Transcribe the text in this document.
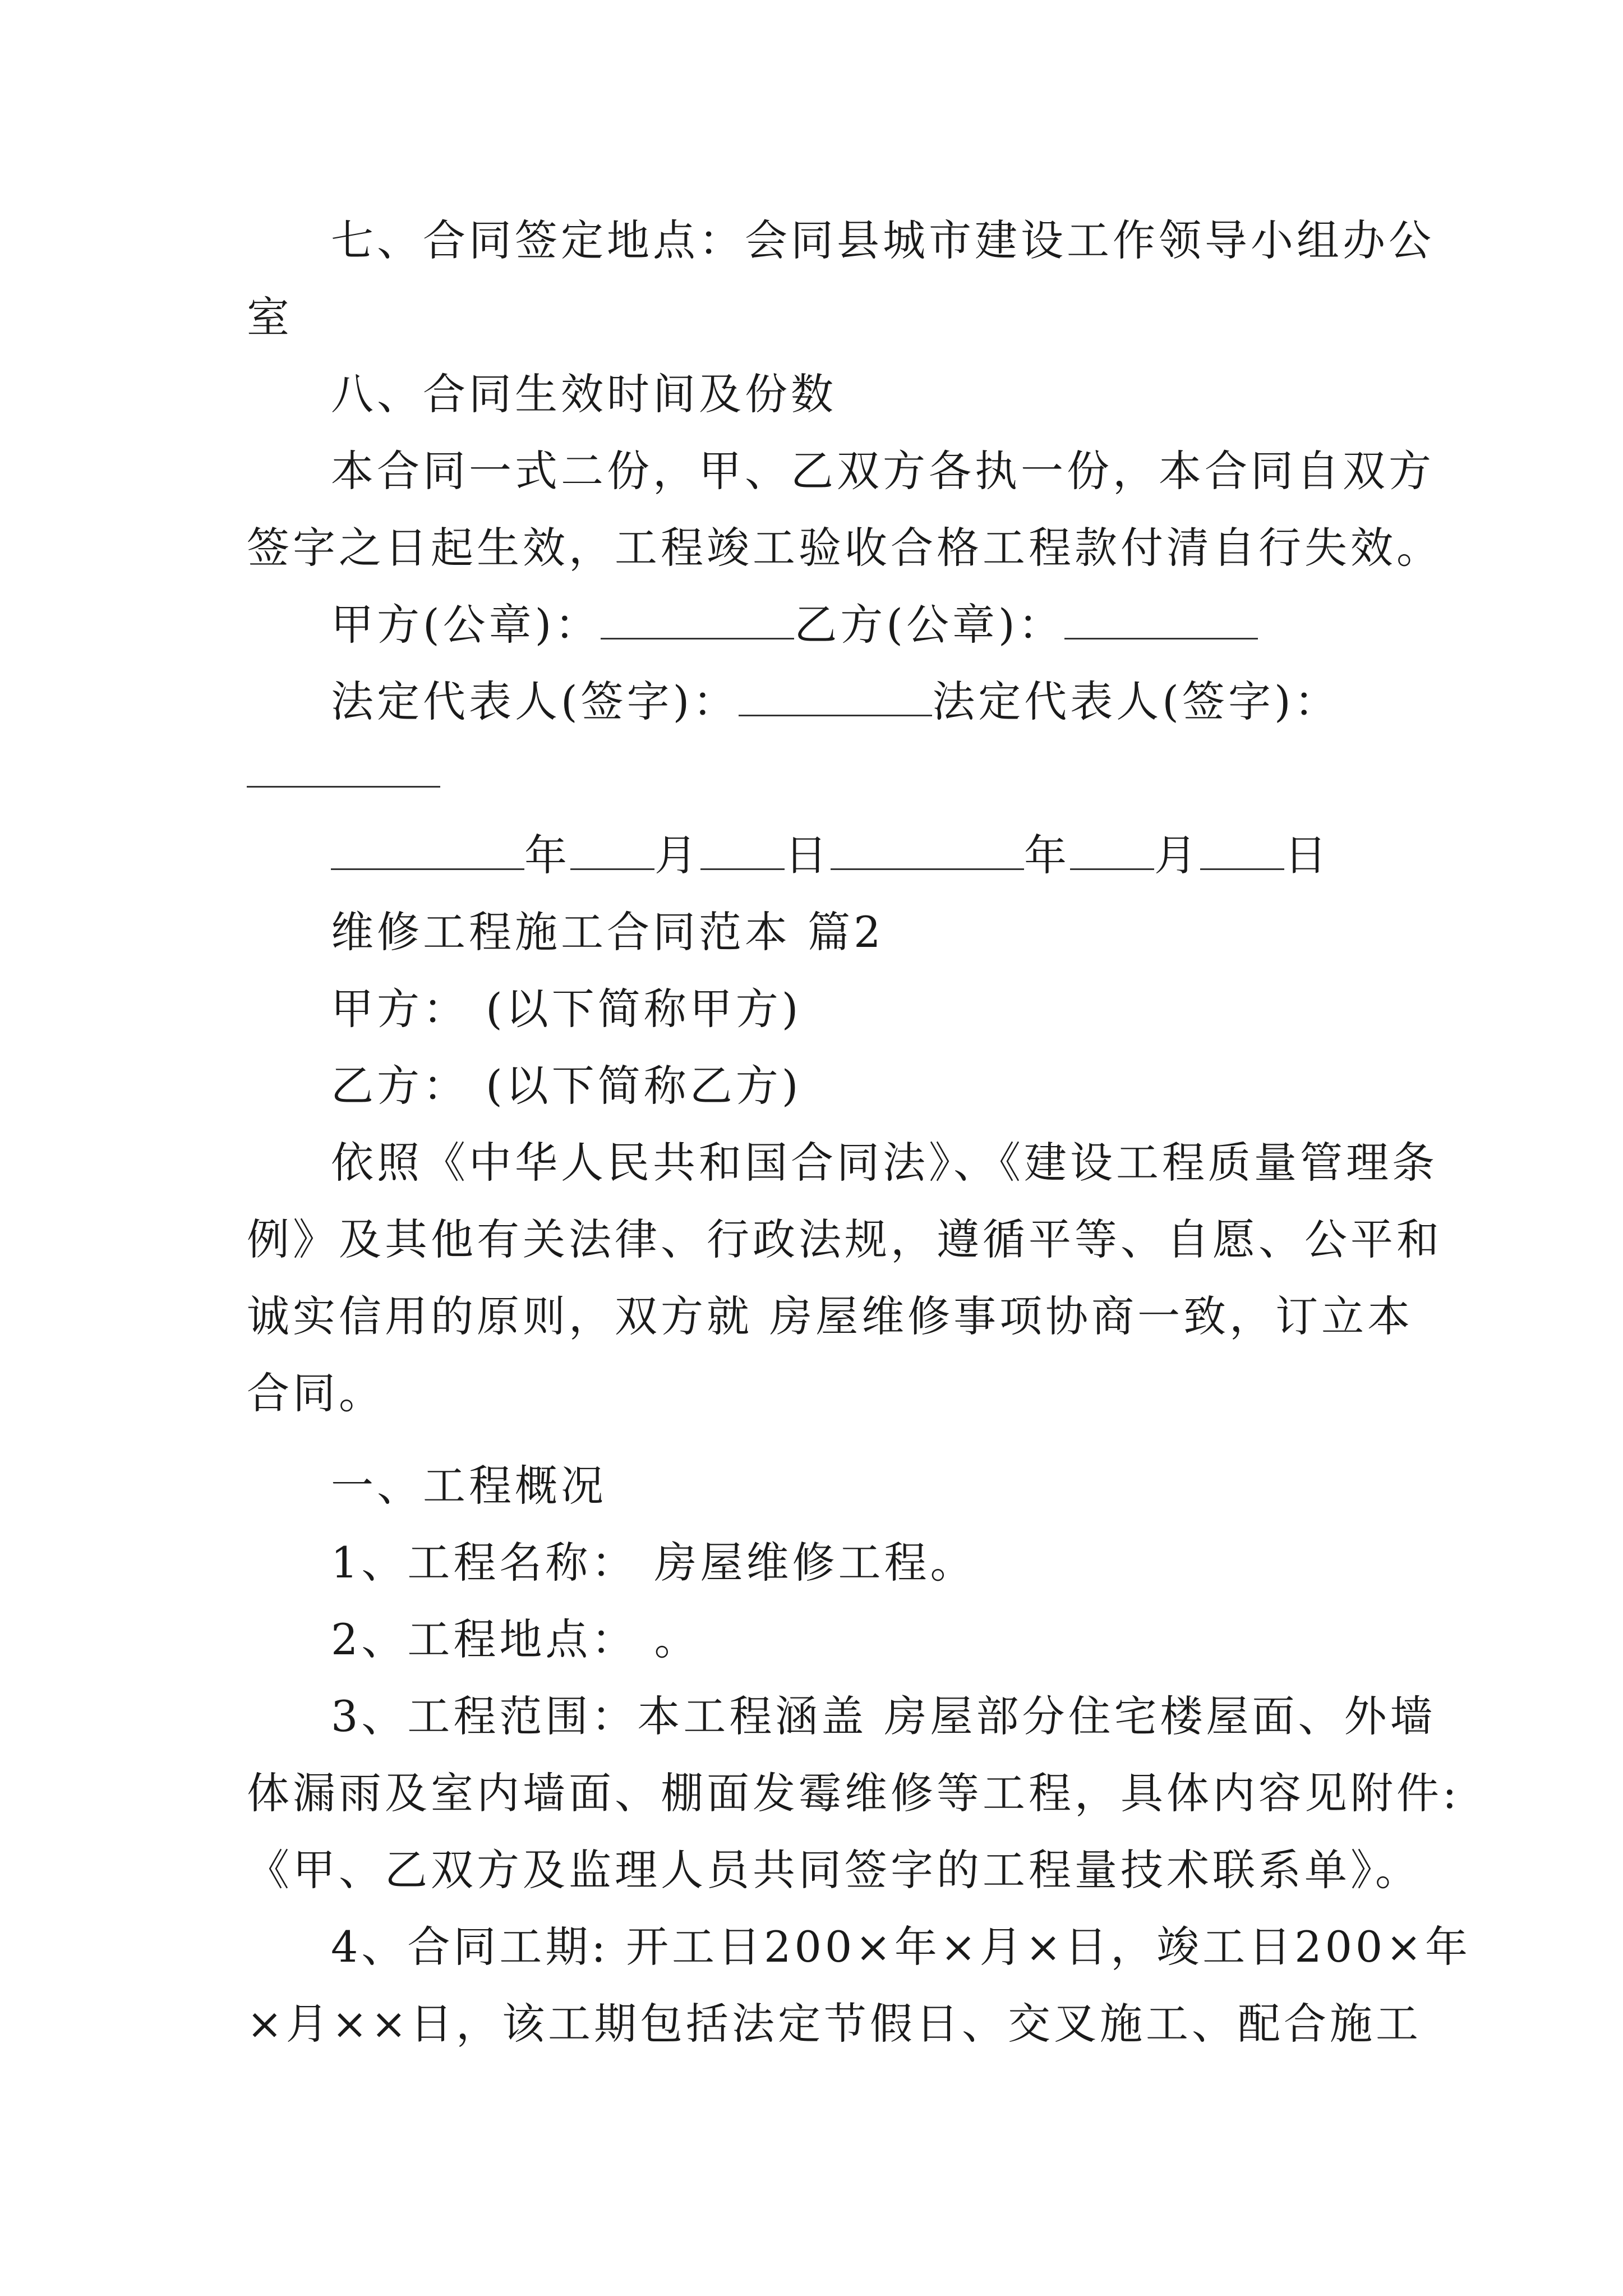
七、合同签定地点：会同县城市建设工作领导小组办公
室
八、合同生效时间及份数
本合同一式二份，甲、乙双方各执一份，本合同自双方
签字之日起生效，工程竣工验收合格工程款付清自行失效。
甲方(公章)：	乙方(公章)：
法定代表人(签字)：	法定代表人(签字)：
年 月 日	年 月 日
维修工程施工合同范本 篇2
甲方： (以下简称甲方)
乙方： (以下简称乙方)
依照《中华人民共和国合同法》、《建设工程质量管理条
例》及其他有关法律、行政法规，遵循平等、自愿、公平和
诚实信用的原则，双方就 房屋维修事项协商一致，订立本
合同。
一、工程概况
1、工程名称： 房屋维修工程。
2、工程地点： 。
3、工程范围：本工程涵盖 房屋部分住宅楼屋面、外墙
体漏雨及室内墙面、棚面发霉维修等工程，具体内容见附件:
《甲、乙双方及监理人员共同签字的工程量技术联系单》。
4、合同工期: 开工日200×年×月×日，竣工日200×年
×月××日，该工期包括法定节假日、交叉施工、配合施工
